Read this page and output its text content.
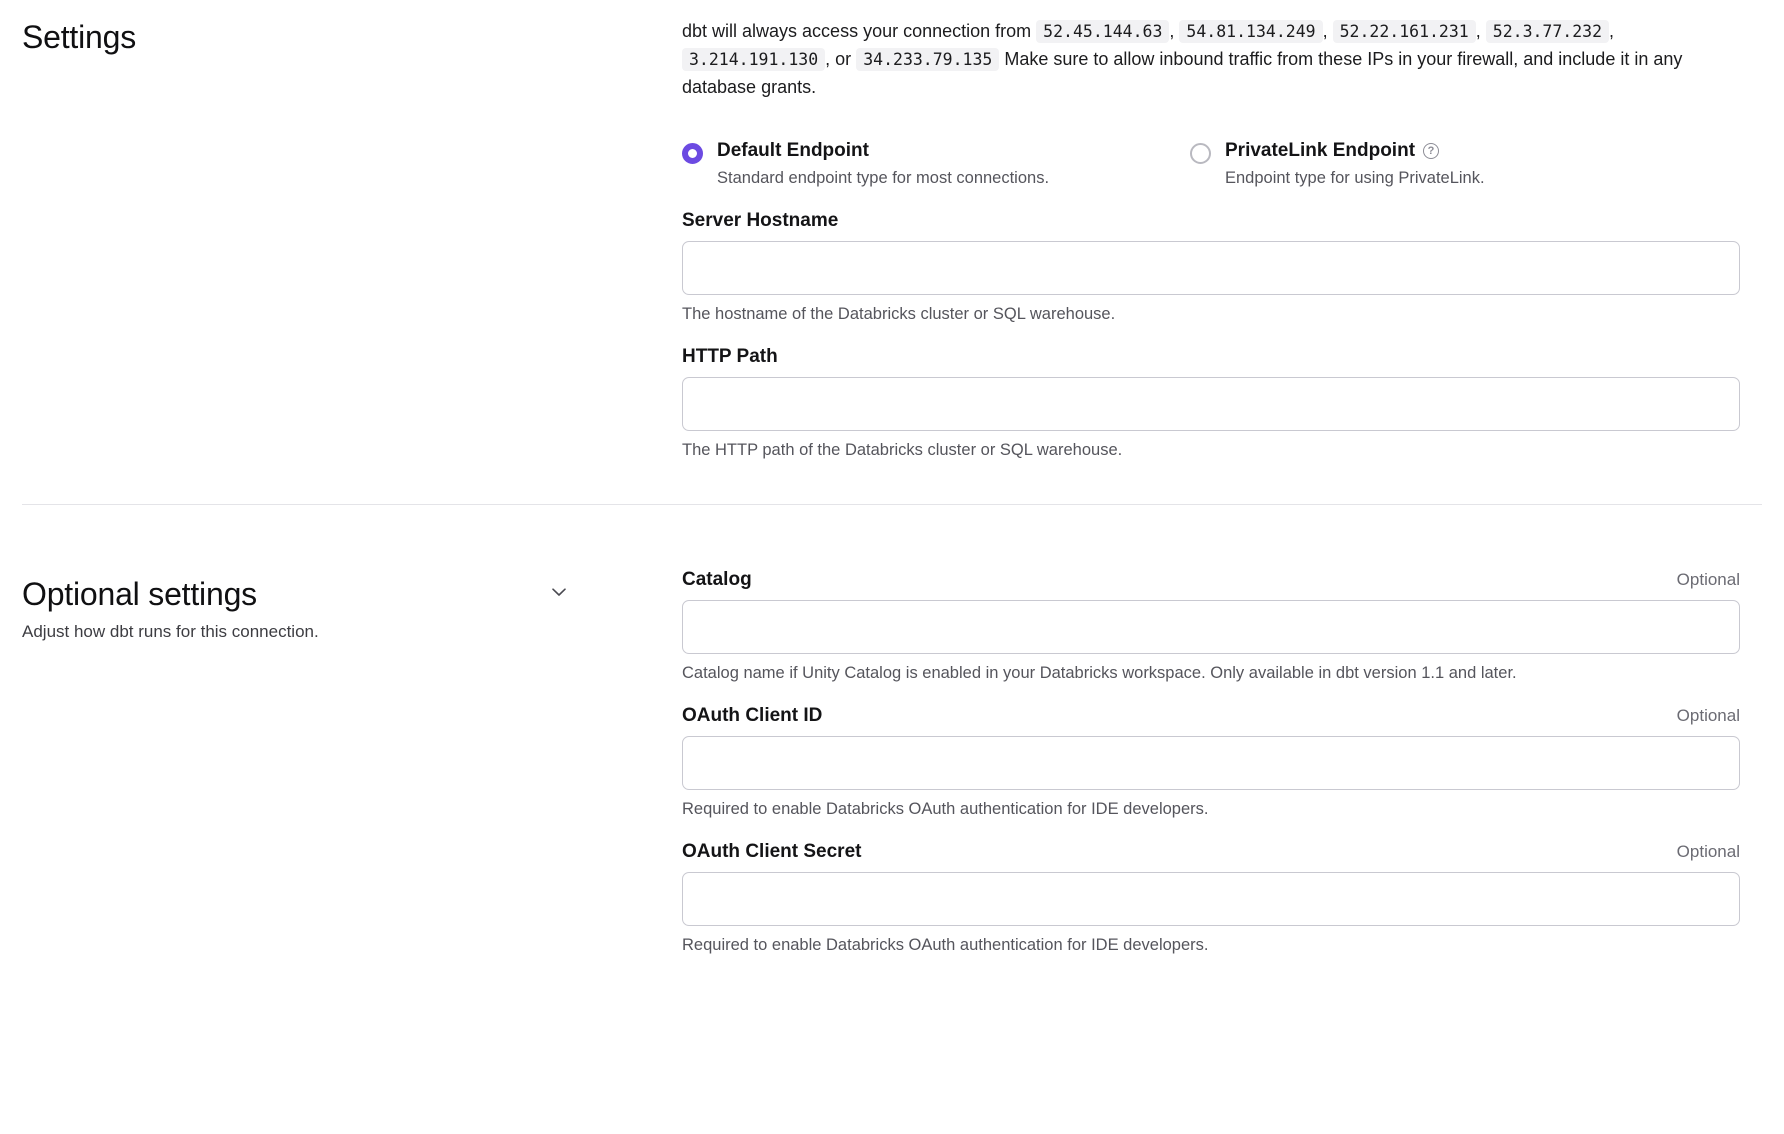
Settings	dbt will always access your connection from 52.45.144.63 , 54.81.134.249 , 52.22.161.231 , 52.3.77.232 , 3.214.191.130 , or 34.233.79.135 Make sure to allow inbound traffic from these IPs in your firewall, and include it in any database grants.

Default Endpoint
Standard endpoint type for most connections.
PrivateLink Endpoint	?
Endpoint type for using PrivateLink.
Server Hostname
The hostname of the Databricks cluster or SQL warehouse.
HTTP Path
The HTTP path of the Databricks cluster or SQL warehouse.
Optional settings
Adjust how dbt runs for this connection.
Catalog	Optional
Catalog name if Unity Catalog is enabled in your Databricks workspace. Only available in dbt version 1.1 and later.
OAuth Client ID	Optional
Required to enable Databricks OAuth authentication for IDE developers.
OAuth Client Secret	Optional
Required to enable Databricks OAuth authentication for IDE developers.
